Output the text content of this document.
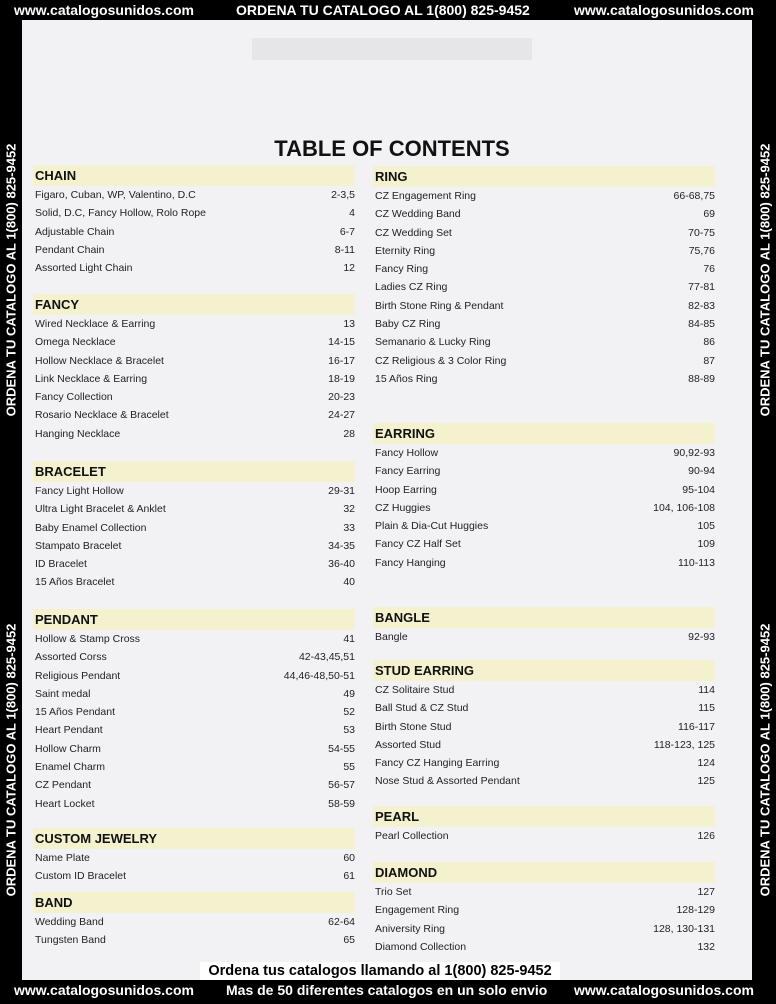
TABLE OF CONTENTS
CHAIN
Figaro, Cuban, WP, Valentino, D.C	2-3,5
Solid, D.C, Fancy Hollow, Rolo Rope	4
Adjustable Chain	6-7
Pendant Chain	8-11
Assorted Light Chain	12
FANCY
Wired Necklace & Earring	13
Omega Necklace	14-15
Hollow Necklace & Bracelet	16-17
Link Necklace & Earring	18-19
Fancy Collection	20-23
Rosario Necklace & Bracelet	24-27
Hanging Necklace	28
BRACELET
Fancy Light Hollow	29-31
Ultra Light Bracelet & Anklet	32
Baby Enamel Collection	33
Stampato Bracelet	34-35
ID Bracelet	36-40
15 Años Bracelet	40
PENDANT
Hollow & Stamp Cross	41
Assorted Corss	42-43,45,51
Religious Pendant	44,46-48,50-51
Saint medal	49
15 Años Pendant	52
Heart Pendant	53
Hollow Charm	54-55
Enamel Charm	55
CZ Pendant	56-57
Heart Locket	58-59
CUSTOM JEWELRY
Name Plate	60
Custom ID Bracelet	61
BAND
Wedding Band	62-64
Tungsten Band	65
RING
CZ Engagement Ring	66-68,75
CZ Wedding Band	69
CZ Wedding Set	70-75
Eternity Ring	75,76
Fancy Ring	76
Ladies CZ Ring	77-81
Birth Stone Ring & Pendant	82-83
Baby CZ Ring	84-85
Semanario & Lucky Ring	86
CZ Religious & 3 Color Ring	87
15 Años Ring	88-89
EARRING
Fancy Hollow	90,92-93
Fancy Earring	90-94
Hoop Earring	95-104
CZ Huggies	104, 106-108
Plain & Dia-Cut Huggies	105
Fancy CZ Half Set	109
Fancy Hanging	110-113
BANGLE
Bangle	92-93
STUD EARRING
CZ Solitaire Stud	114
Ball Stud & CZ Stud	115
Birth Stone Stud	116-117
Assorted Stud	118-123, 125
Fancy CZ Hanging Earring	124
Nose Stud & Assorted Pendant	125
PEARL
Pearl Collection	126
DIAMOND
Trio Set	127
Engagement Ring	128-129
Aniversity Ring	128, 130-131
Diamond Collection	132
www.catalogosunidos.com	ORDENA TU CATALOGO AL 1(800) 825-9452	www.catalogosunidos.com
ORDENA TU CATALOGO AL 1(800) 825-9452
ORDENA TU CATALOGO AL 1(800) 825-9452
ORDENA TU CATALOGO AL 1(800) 825-9452
ORDENA TU CATALOGO AL 1(800) 825-9452
Ordena tus catalogos llamando al 1(800) 825-9452
www.catalogosunidos.com Mas de 50 diferentes catalogos en un solo envio www.catalogosunidos.com
